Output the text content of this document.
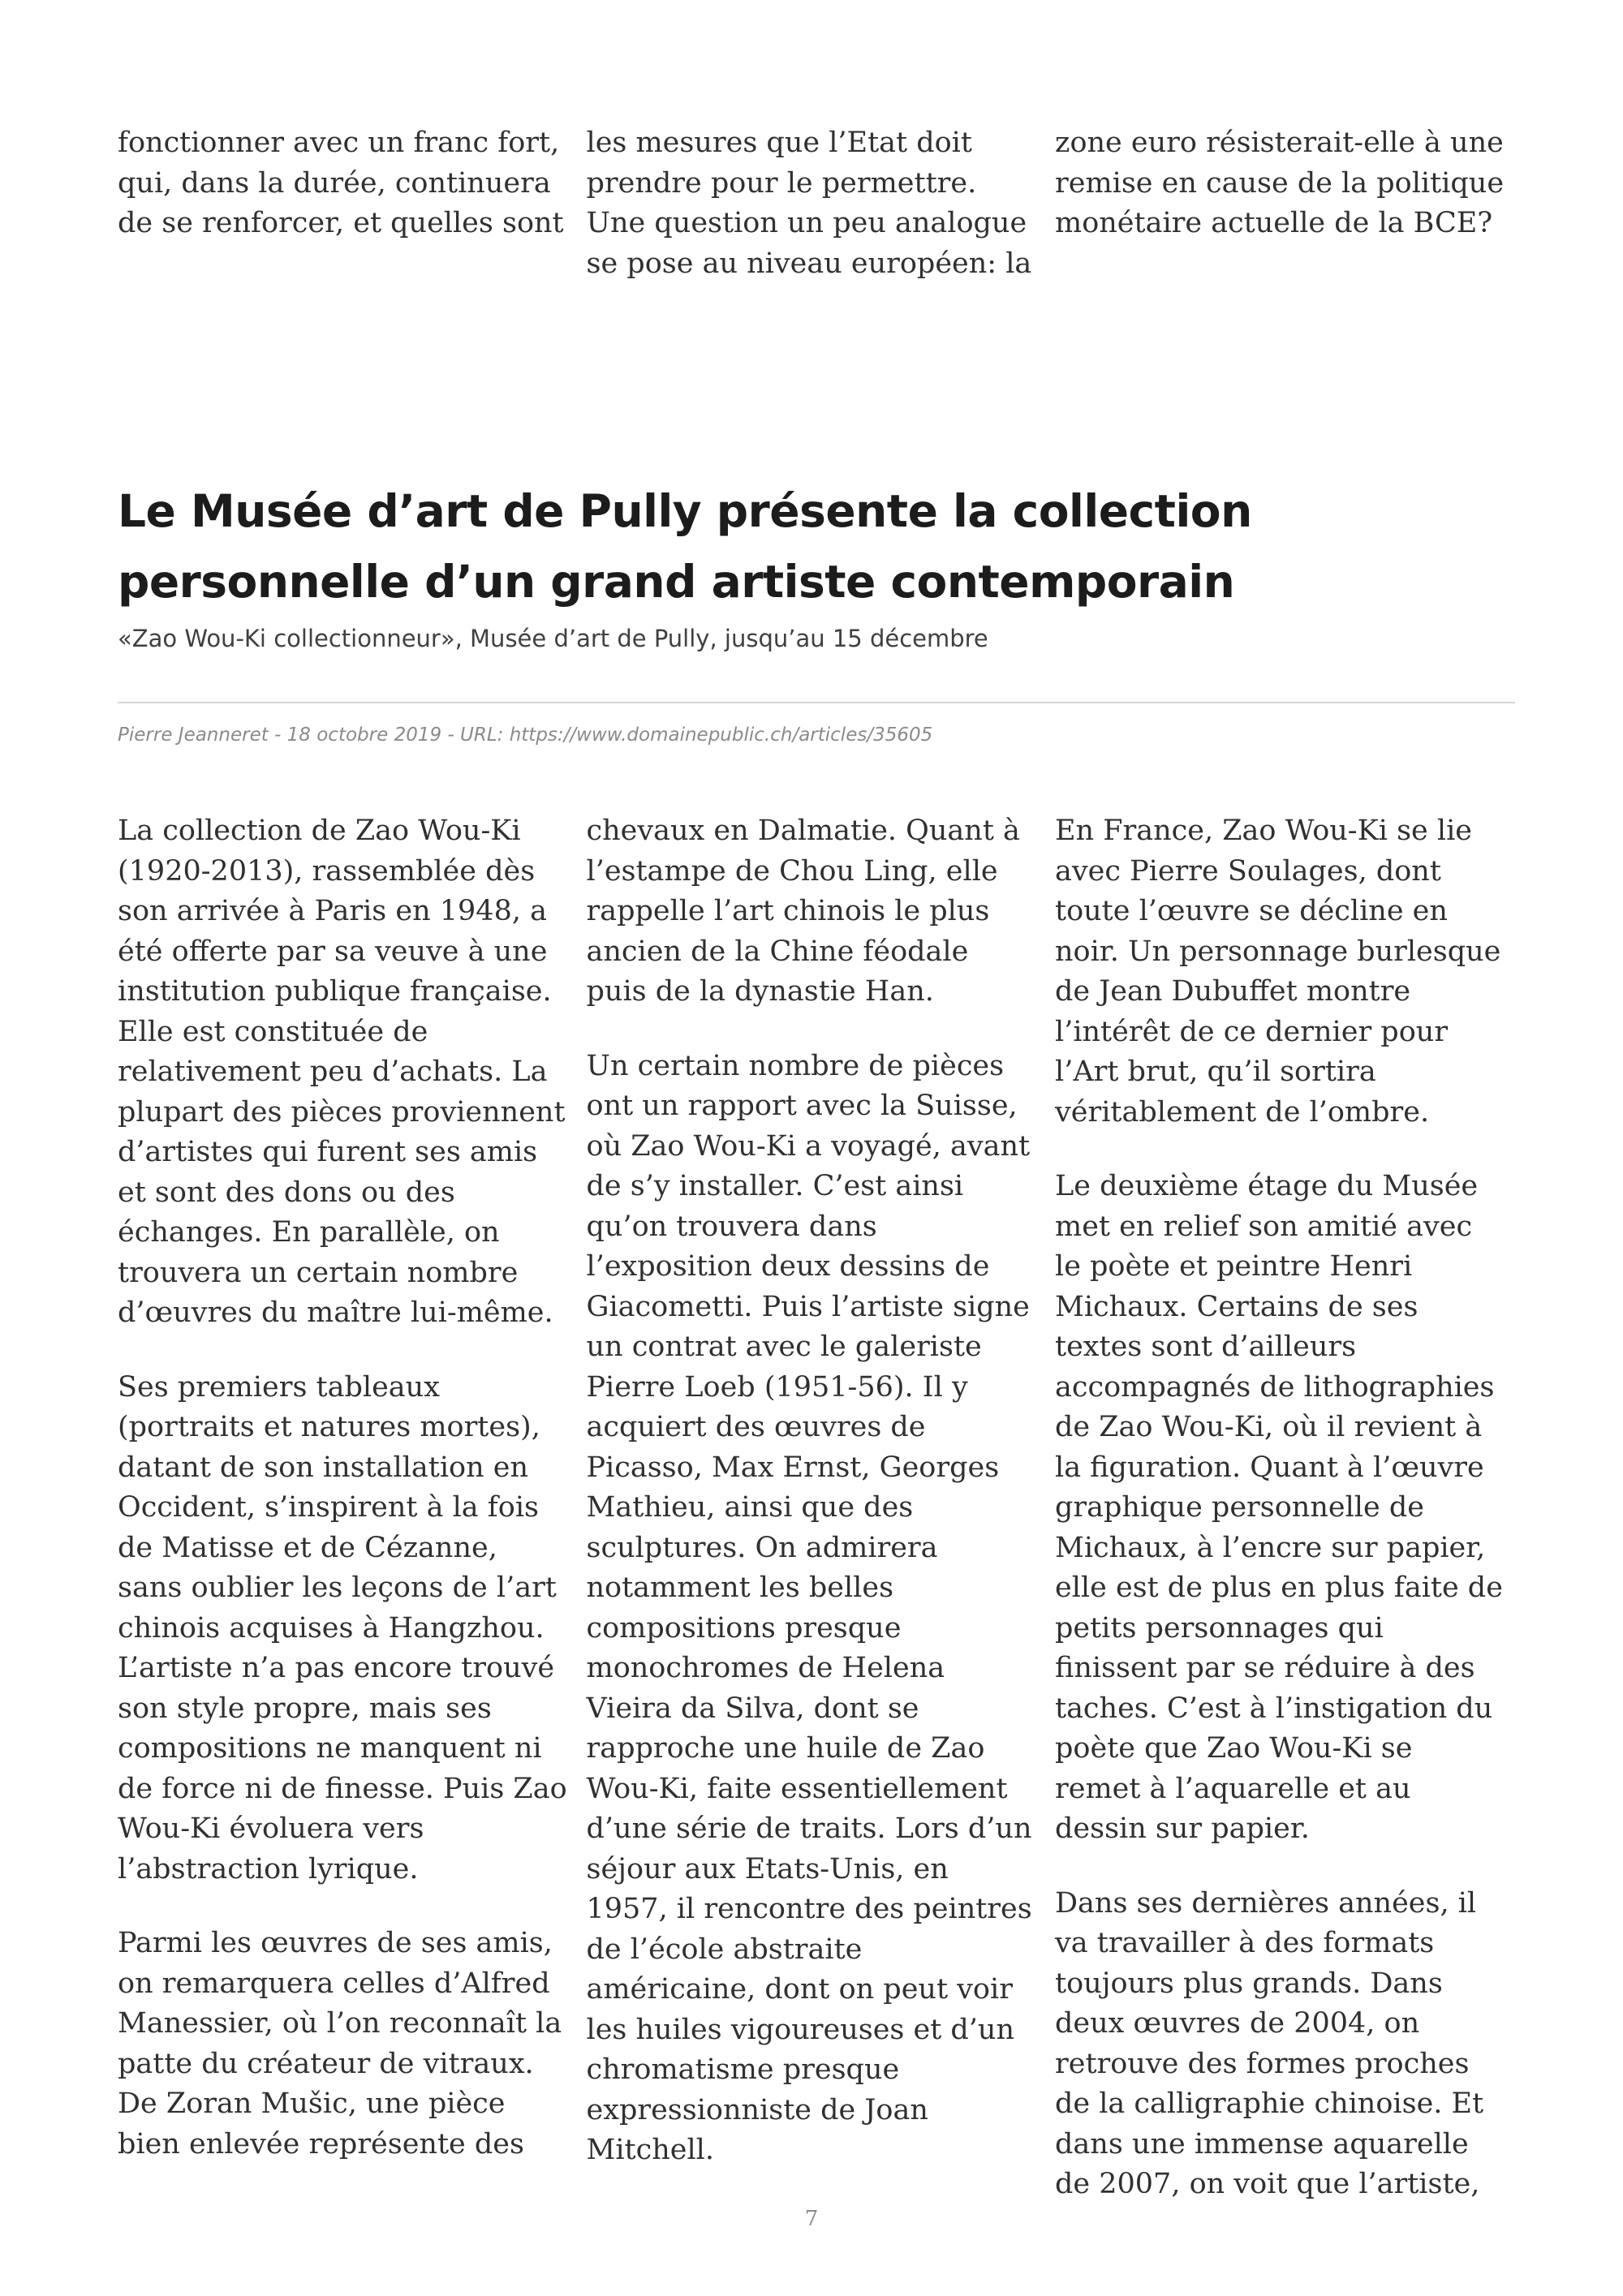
fonctionner avec un franc fort, qui, dans la durée, continuera de se renforcer, et quelles sont

les mesures que l’Etat doit prendre pour le permettre. Une question un peu analogue se pose au niveau européen: la

zone euro résisterait-elle à une remise en cause de la politique monétaire actuelle de la BCE?

Le Musée d’art de Pully présente la collection personnelle d’un grand artiste contemporain
«Zao Wou-Ki collectionneur», Musée d’art de Pully, jusqu’au 15 décembre
Pierre Jeanneret - 18 octobre 2019 - URL: https://www.domainepublic.ch/articles/35605

La collection de Zao Wou-Ki (1920-2013), rassemblée dès son arrivée à Paris en 1948, a été offerte par sa veuve à une institution publique française. Elle est constituée de relativement peu d’achats. La plupart des pièces proviennent d’artistes qui furent ses amis et sont des dons ou des échanges. En parallèle, on trouvera un certain nombre d’œuvres du maître lui-même.

Ses premiers tableaux (portraits et natures mortes), datant de son installation en Occident, s’inspirent à la fois de Matisse et de Cézanne, sans oublier les leçons de l’art chinois acquises à Hangzhou. L’artiste n’a pas encore trouvé son style propre, mais ses compositions ne manquent ni de force ni de finesse. Puis Zao Wou-Ki évoluera vers l’abstraction lyrique.

Parmi les œuvres de ses amis, on remarquera celles d’Alfred Manessier, où l’on reconnaît la patte du créateur de vitraux. De Zoran Mušic, une pièce bien enlevée représente des

chevaux en Dalmatie. Quant à l’estampe de Chou Ling, elle rappelle l’art chinois le plus ancien de la Chine féodale puis de la dynastie Han.

Un certain nombre de pièces ont un rapport avec la Suisse, où Zao Wou-Ki a voyagé, avant de s’y installer. C’est ainsi qu’on trouvera dans l’exposition deux dessins de Giacometti. Puis l’artiste signe un contrat avec le galeriste Pierre Loeb (1951-56). Il y acquiert des œuvres de Picasso, Max Ernst, Georges Mathieu, ainsi que des sculptures. On admirera notamment les belles compositions presque monochromes de Helena Vieira da Silva, dont se rapproche une huile de Zao Wou-Ki, faite essentiellement d’une série de traits. Lors d’un séjour aux Etats-Unis, en 1957, il rencontre des peintres de l’école abstraite américaine, dont on peut voir les huiles vigoureuses et d’un chromatisme presque expressionniste de Joan Mitchell.

En France, Zao Wou-Ki se lie avec Pierre Soulages, dont toute l’œuvre se décline en noir. Un personnage burlesque de Jean Dubuffet montre l’intérêt de ce dernier pour l’Art brut, qu’il sortira véritablement de l’ombre.

Le deuxième étage du Musée met en relief son amitié avec le poète et peintre Henri Michaux. Certains de ses textes sont d’ailleurs accompagnés de lithographies de Zao Wou-Ki, où il revient à la figuration. Quant à l’œuvre graphique personnelle de Michaux, à l’encre sur papier, elle est de plus en plus faite de petits personnages qui finissent par se réduire à des taches. C’est à l’instigation du poète que Zao Wou-Ki se remet à l’aquarelle et au dessin sur papier.

Dans ses dernières années, il va travailler à des formats toujours plus grands. Dans deux œuvres de 2004, on retrouve des formes proches de la calligraphie chinoise. Et dans une immense aquarelle de 2007, on voit que l’artiste,

7
